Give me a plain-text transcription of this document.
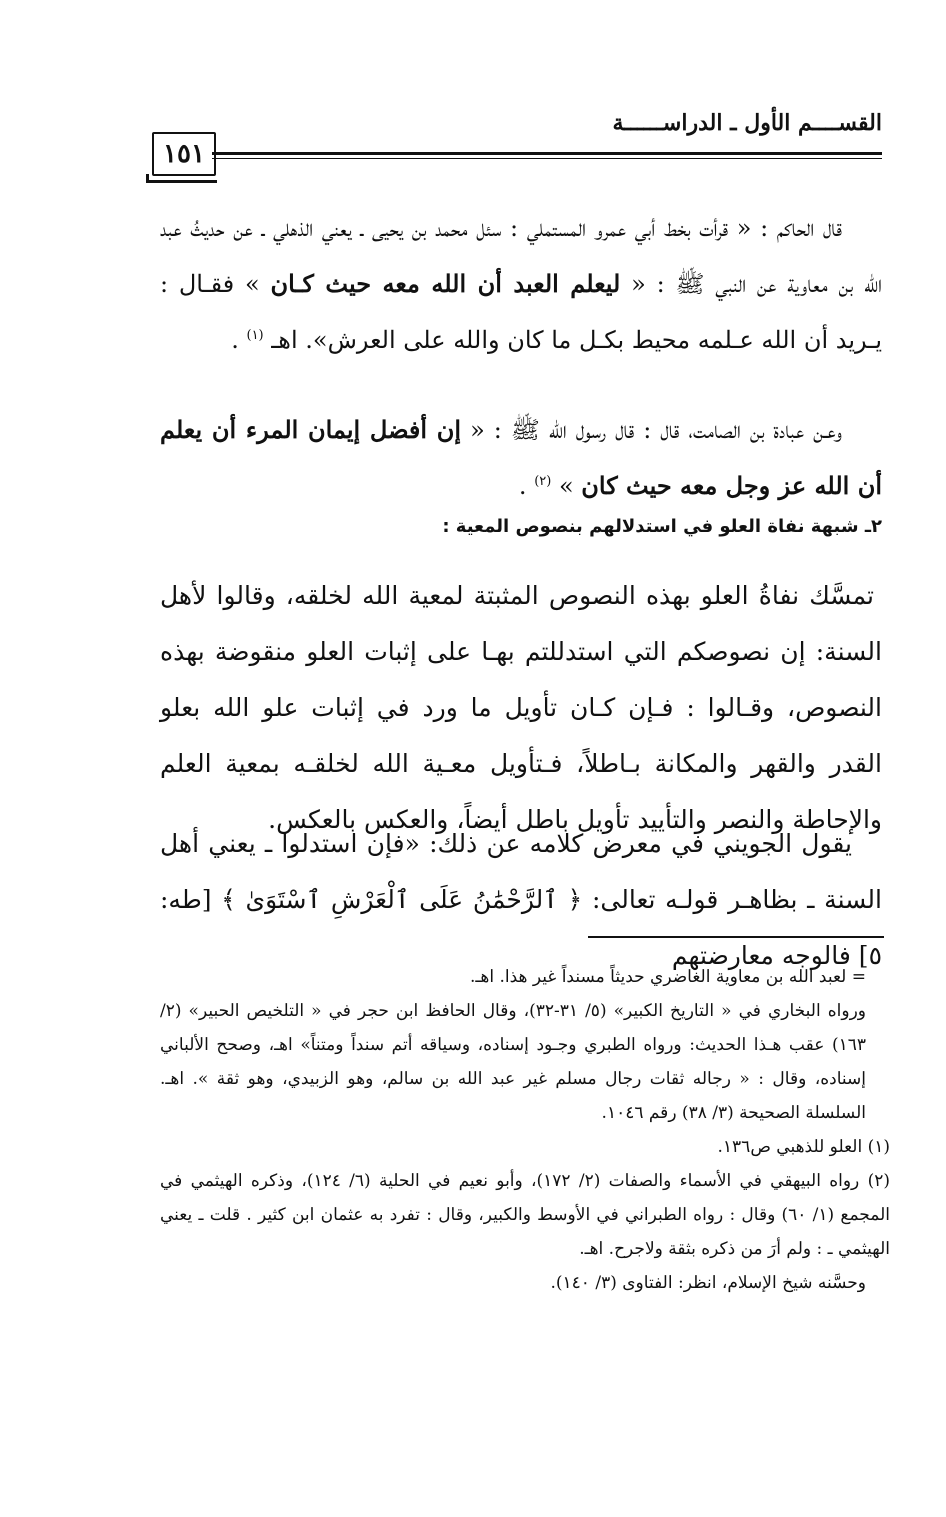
القســــم الأول ـ الدراســــــة
١٥١

قال الحاكم : « قرأت بخط أبي عمرو المستملي : سئل محمد بن يحيى ـ يعني الذهلي ـ عن حديثُ عبد الله بن معاوية عن النبي ﷺ : « ليعلم العبد أن الله معه حيث كـان » فقـال : يـريد أن الله عـلمه محيط بكـل ما كان والله على العرش». اهـ $^{(١)}$ .

وعـن عبادة بن الصامت، قال : قال رسول الله ﷺ : « إن أفضل إيمان المرء أن يعلم أن الله عز وجل معه حيث كان » $^{(٢)}$ .

٢ـ شبهة نفاة العلو في استدلالهم بنصوص المعية :

تمسَّك نفاةُ العلو بهذه النصوص المثبتة لمعية الله لخلقه، وقالوا لأهل السنة: إن نصوصكم التي استدللتم بهـا على إثبات العلو منقوضة بهذه النصوص، وقـالوا : فـإن كـان تأويل ما ورد في إثبات علو الله بعلو القدر والقهر والمكانة بـاطلاً، فـتأويل معـية الله لخلقـه بمعية العلم والإحاطة والنصر والتأييد تأويل باطل أيضاً، والعكس بالعكس.

يقول الجويني في معرض كلامه عن ذلك: «فإن استدلوا ـ يعني أهل السنة ـ بظاهـر قولـه تعالى: ﴿ ٱلرَّحْمَٰنُ عَلَى ٱلْعَرْشِ ٱسْتَوَىٰ ﴾ [طه: ٥] فالوجه معارضتهم

= لعبد الله بن معاوية الغاضري حديثاً مسنداً غير هذا. اهـ.

ورواه البخاري في « التاريخ الكبير» (٥/ ٣١-٣٢)، وقال الحافظ ابن حجر في « التلخيص الحبير» (٢/ ١٦٣) عقب هـذا الحديث: ورواه الطبري وجـود إسناده، وسياقه أتم سنداً ومتناً» اهـ، وصحح الألباني إسناده، وقال : « رجاله ثقات رجال مسلم غير عبد الله بن سالم، وهو الزبيدي، وهو ثقة ». اهـ. السلسلة الصحيحة (٣/ ٣٨) رقم ١٠٤٦.

(١) العلو للذهبي ص١٣٦.

(٢) رواه البيهقي في الأسماء والصفات (٢/ ١٧٢)، وأبو نعيم في الحلية (٦/ ١٢٤)، وذكره الهيثمي في المجمع (١/ ٦٠) وقال : رواه الطبراني في الأوسط والكبير، وقال : تفرد به عثمان ابن كثير . قلت ـ يعني الهيثمي ـ : ولم أرَ من ذكره بثقة ولاجرح. اهـ.

وحسَّنه شيخ الإسلام، انظر: الفتاوى (٣/ ١٤٠).
